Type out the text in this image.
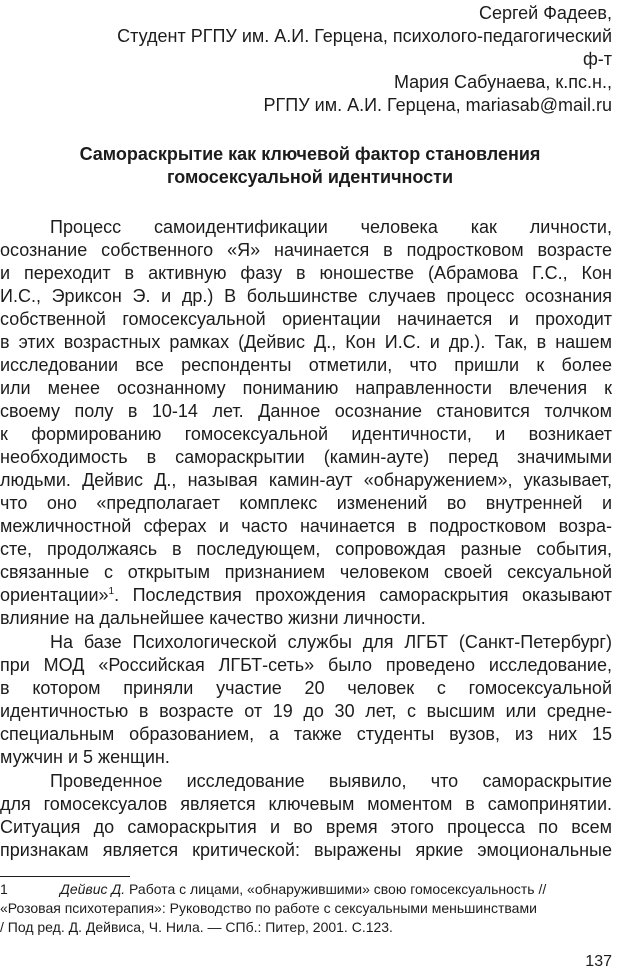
Сергей Фадеев,
Студент РГПУ им. А.И. Герцена, психолого-педагогический
ф-т
Мария Сабунаева, к.пс.н.,
РГПУ им. А.И. Герцена, mariasab@mail.ru
Самораскрытие как ключевой фактор становления
гомосексуальной идентичности
Процесс самоидентификации человека как личности,
осознание собственного «Я» начинается в подростковом возрасте
и переходит в активную фазу в юношестве (Абрамова Г.С., Кон
И.С., Эриксон Э. и др.) В большинстве случаев процесс осознания
собственной гомосексуальной ориентации начинается и проходит
в этих возрастных рамках (Дейвис Д., Кон И.С. и др.). Так, в нашем
исследовании все респонденты отметили, что пришли к более
или менее осознанному пониманию направленности влечения к
своему полу в 10-14 лет. Данное осознание становится толчком
к формированию гомосексуальной идентичности, и возникает
необходимость в самораскрытии (камин-ауте) перед значимыми
людьми. Дейвис Д., называя камин-аут «обнаружением», указывает,
что оно «предполагает комплекс изменений во внутренней и
межличностной сферах и часто начинается в подростковом возра-
сте, продолжаясь в последующем, сопровождая разные события,
связанные с открытым признанием человеком своей сексуальной
ориентации»$^1$. Последствия прохождения самораскрытия оказывают
влияние на дальнейшее качество жизни личности.
На базе Психологической службы для ЛГБТ (Санкт-Петербург)
при МОД «Российская ЛГБТ-сеть» было проведено исследование,
в котором приняли участие 20 человек с гомосексуальной
идентичностью в возрасте от 19 до 30 лет, с высшим или средне-
специальным образованием, а также студенты вузов, из них 15
мужчин и 5 женщин.
Проведенное исследование выявило, что самораскрытие
для гомосексуалов является ключевым моментом в самопринятии.
Ситуация до самораскрытия и во время этого процесса по всем
признакам является критической: выражены яркие эмоциональные
1	Дейвис Д. Работа с лицами, «обнаружившими» свою гомосексуальность //
«Розовая психотерапия»: Руководство по работе с сексуальными меньшинствами
/ Под ред. Д. Дейвиса, Ч. Нила. — СПб.: Питер, 2001. С.123.
137
